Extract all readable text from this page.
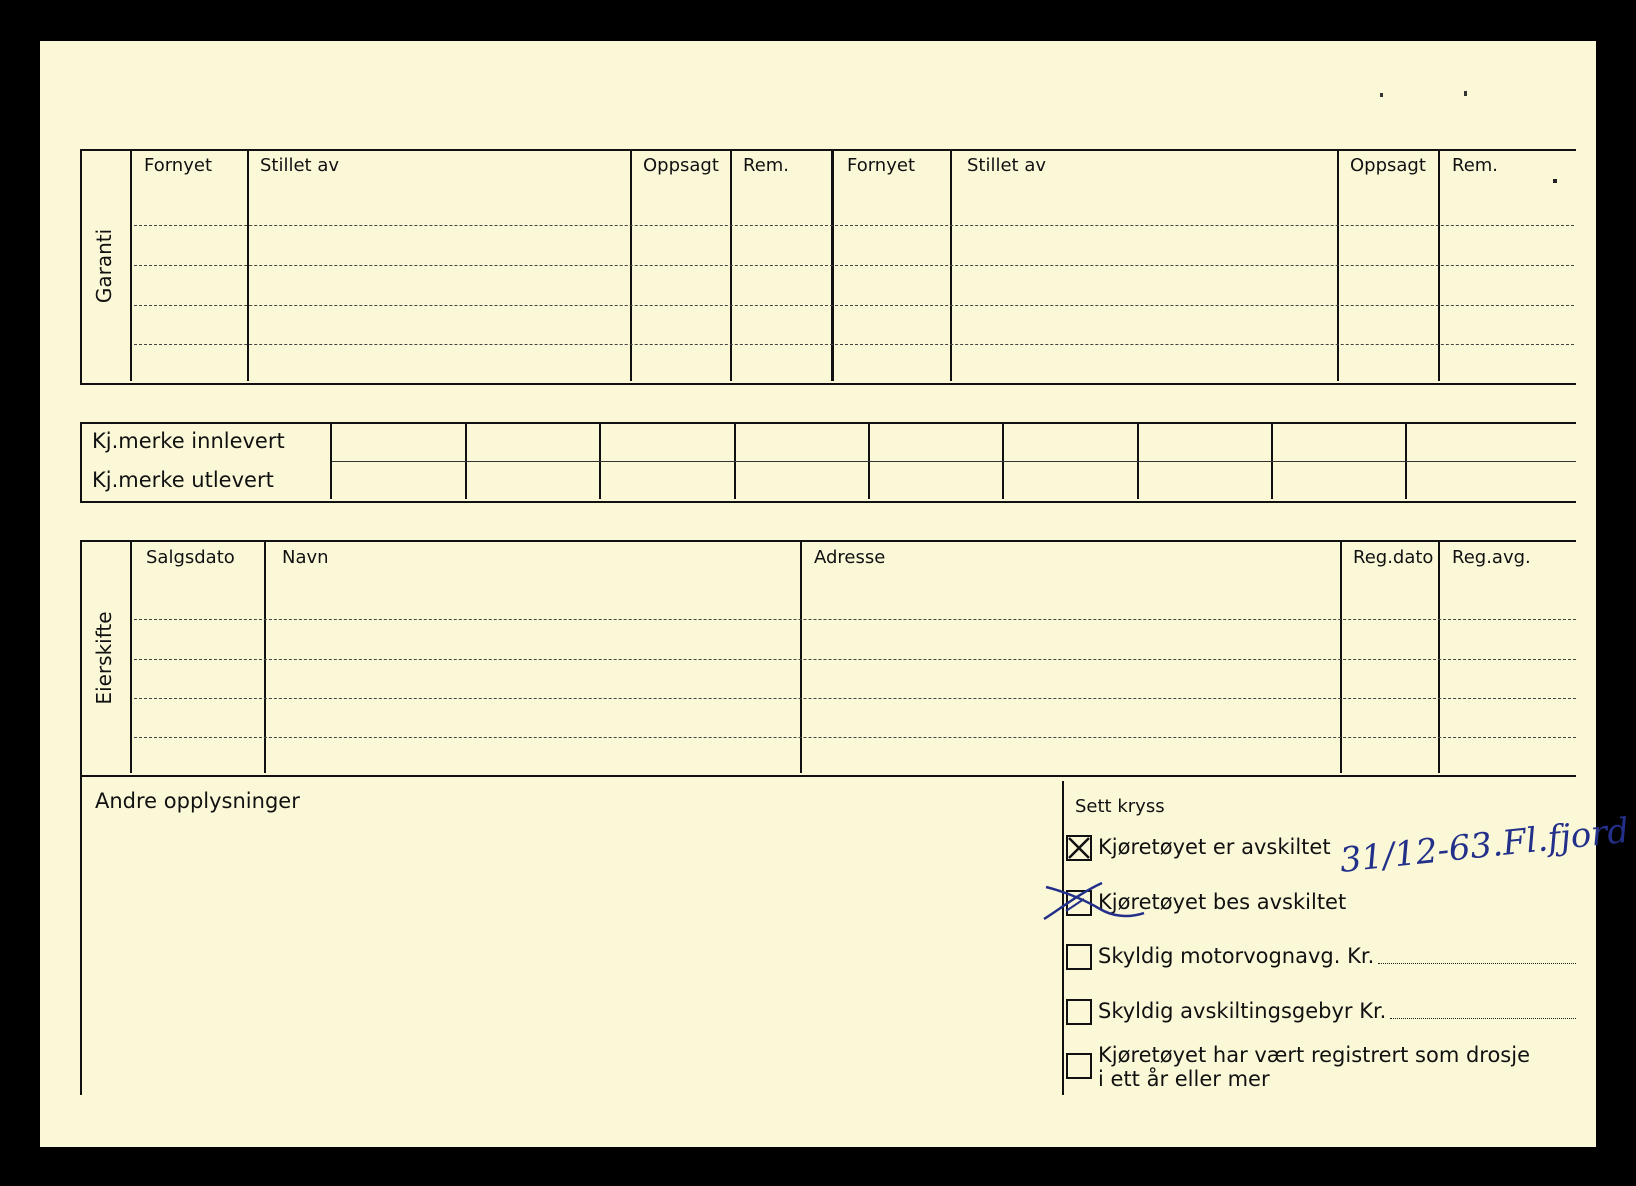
Garanti
Fornyet	Stillet av	Oppsagt Rem.	Fornyet	Stillet av	Oppsagt Rem.
Kj.merke innlevert
Kj.merke utlevert
Eierskifte
Salgsdato	Navn	Adresse	Reg.dato Reg.avg.
Andre opplysninger	Sett kryss
Kjøretøyet er avskiltet
Kjøretøyet bes avskiltet
Skyldig motorvognavg. Kr.
Skyldig avskiltingsgebyr Kr.
Kjøretøyet har vært registrert som drosje
i ett år eller mer
31/12-63.Fl.fjord
